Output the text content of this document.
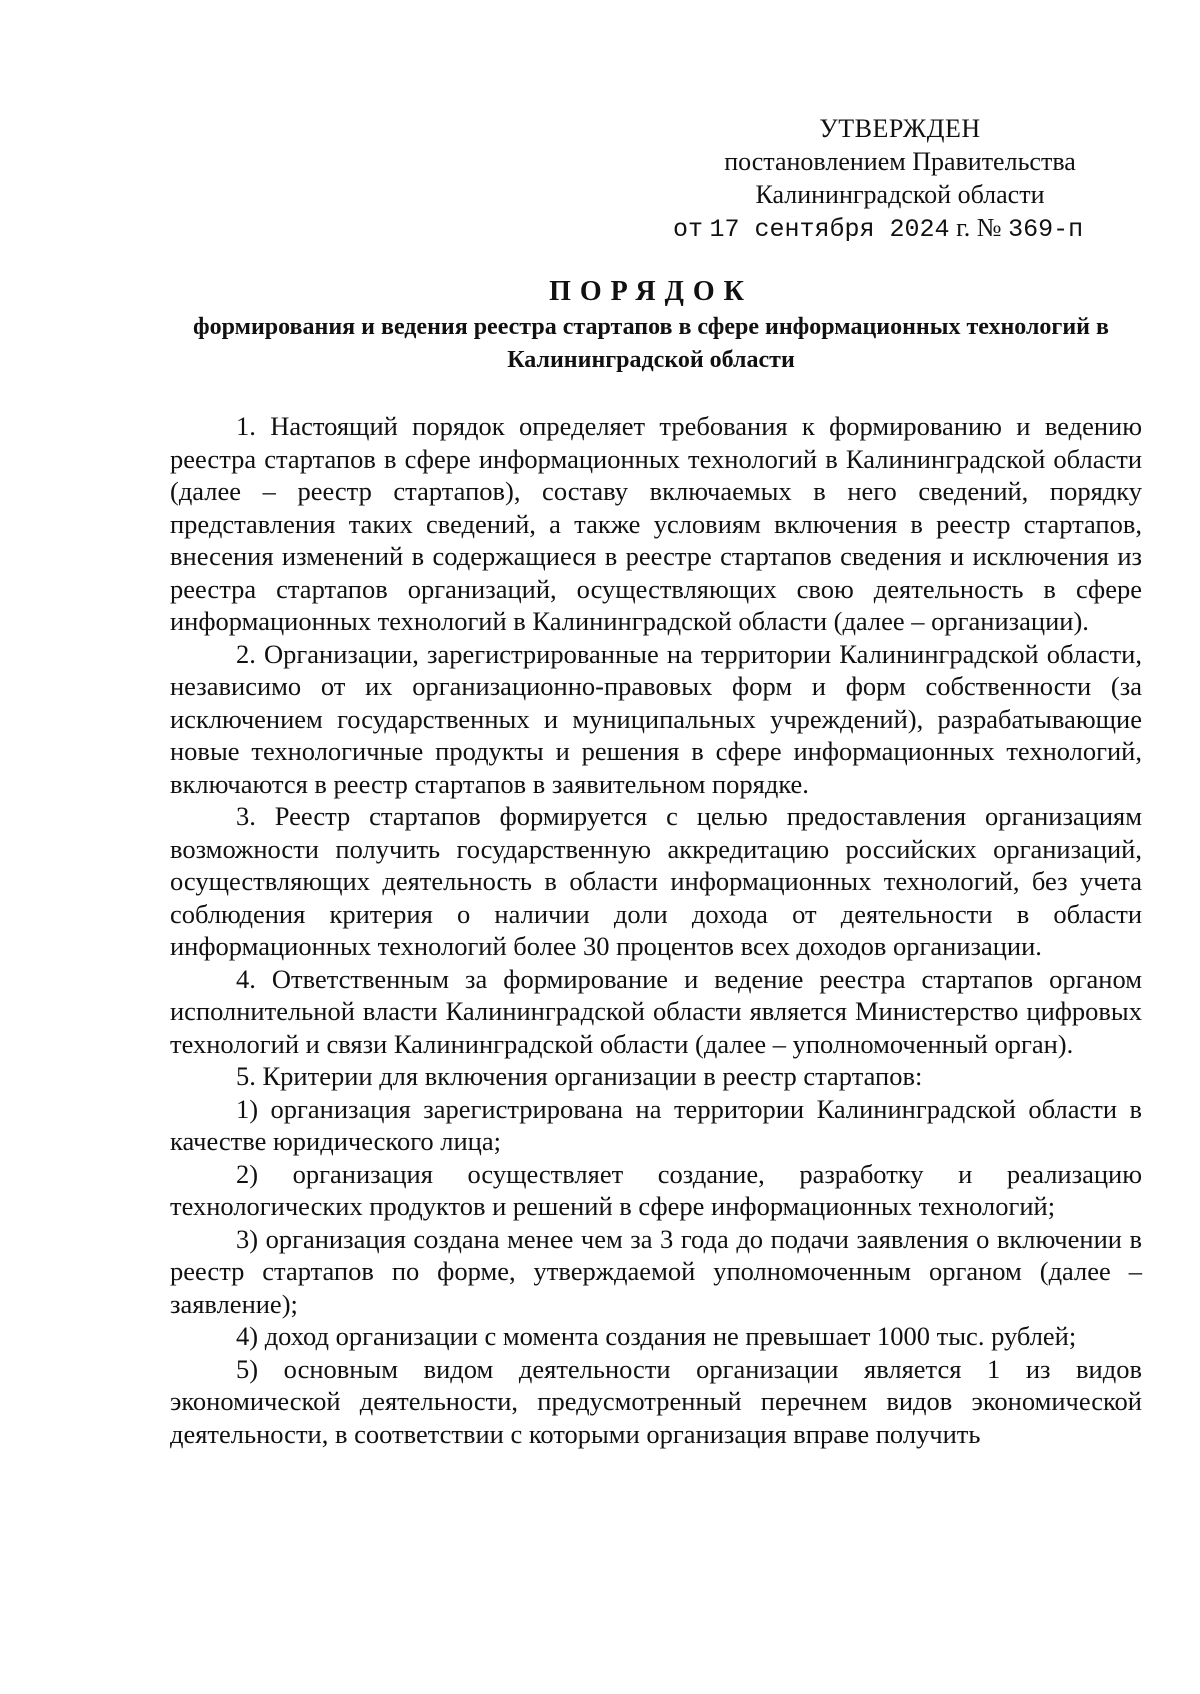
УТВЕРЖДЕН
постановлением Правительства
Калининградской области
от 17 сентября 2024 г. № 369-п
ПОРЯДОК
формирования и ведения реестра стартапов в сфере информационных технологий в Калининградской области

1. Настоящий порядок определяет требования к формированию и ведению реестра стартапов в сфере информационных технологий в Калининградской области (далее – реестр стартапов), составу включаемых в него сведений, порядку представления таких сведений, а также условиям включения в реестр стартапов, внесения изменений в содержащиеся в реестре стартапов сведения и исключения из реестра стартапов организаций, осуществляющих свою деятельность в сфере информационных технологий в Калининградской области (далее – организации).

2. Организации, зарегистрированные на территории Калининградской области, независимо от их организационно-правовых форм и форм собственности (за исключением государственных и муниципальных учреждений), разрабатывающие новые технологичные продукты и решения в сфере информационных технологий, включаются в реестр стартапов в заявительном порядке.

3. Реестр стартапов формируется с целью предоставления организациям возможности получить государственную аккредитацию российских организаций, осуществляющих деятельность в области информационных технологий, без учета соблюдения критерия о наличии доли дохода от деятельности в области информационных технологий более 30 процентов всех доходов организации.

4. Ответственным за формирование и ведение реестра стартапов органом исполнительной власти Калининградской области является Министерство цифровых технологий и связи Калининградской области (далее – уполномоченный орган).

5. Критерии для включения организации в реестр стартапов:

1) организация зарегистрирована на территории Калининградской области в качестве юридического лица;

2) организация осуществляет создание, разработку и реализацию технологических продуктов и решений в сфере информационных технологий;

3) организация создана менее чем за 3 года до подачи заявления о включении в реестр стартапов по форме, утверждаемой уполномоченным органом (далее – заявление);

4) доход организации с момента создания не превышает 1000 тыс. рублей;

5) основным видом деятельности организации является 1 из видов экономической деятельности, предусмотренный перечнем видов экономической деятельности, в соответствии с которыми организация вправе получить
